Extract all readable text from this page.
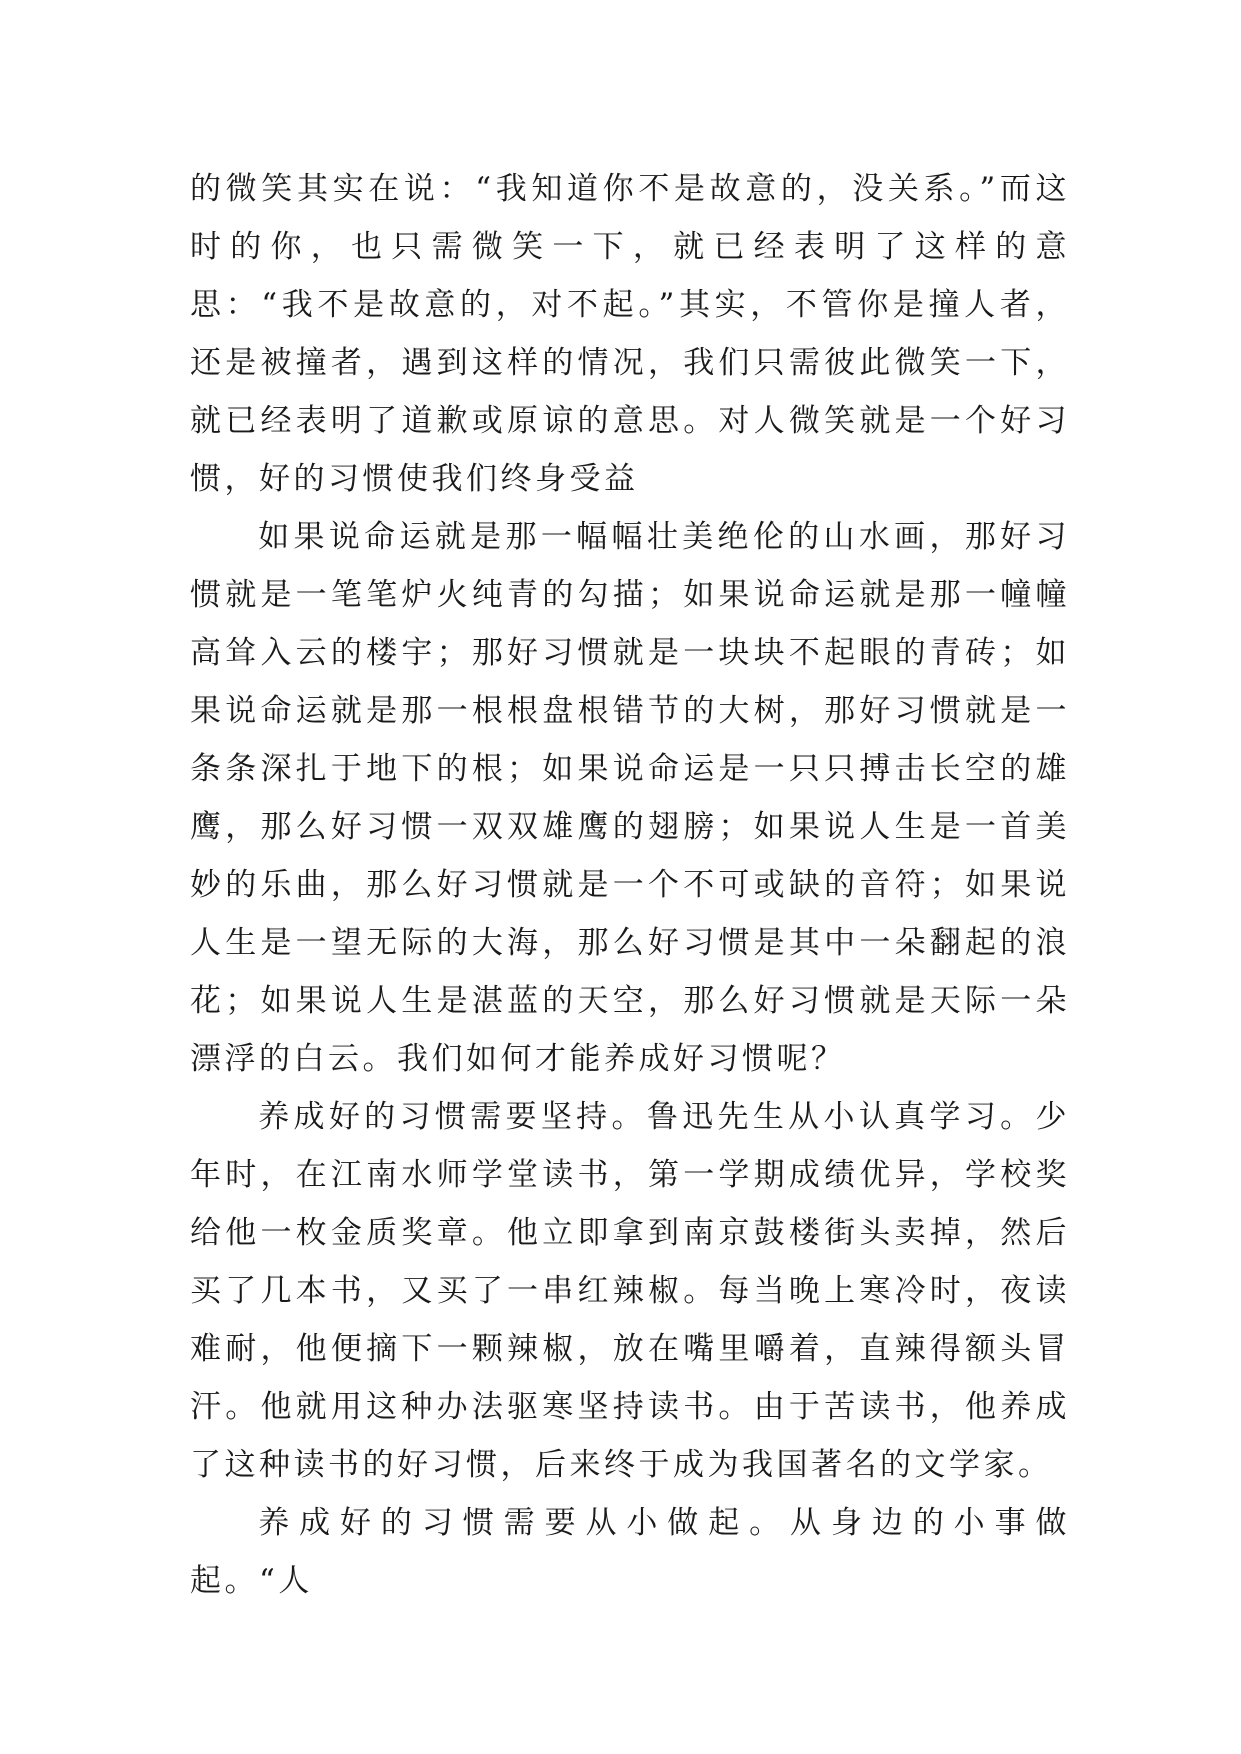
的微笑其实在说：“我知道你不是故意的，没关系。”而这时的你，也只需微笑一下，就已经表明了这样的意思：“我不是故意的，对不起。”其实，不管你是撞人者，还是被撞者，遇到这样的情况，我们只需彼此微笑一下，就已经表明了道歉或原谅的意思。对人微笑就是一个好习惯，好的习惯使我们终身受益

如果说命运就是那一幅幅壮美绝伦的山水画，那好习惯就是一笔笔炉火纯青的勾描；如果说命运就是那一幢幢高耸入云的楼宇；那好习惯就是一块块不起眼的青砖；如果说命运就是那一根根盘根错节的大树，那好习惯就是一条条深扎于地下的根；如果说命运是一只只搏击长空的雄鹰，那么好习惯一双双雄鹰的翅膀；如果说人生是一首美妙的乐曲，那么好习惯就是一个不可或缺的音符；如果说人生是一望无际的大海，那么好习惯是其中一朵翻起的浪花；如果说人生是湛蓝的天空，那么好习惯就是天际一朵漂浮的白云。我们如何才能养成好习惯呢？

养成好的习惯需要坚持。鲁迅先生从小认真学习。少年时，在江南水师学堂读书，第一学期成绩优异，学校奖给他一枚金质奖章。他立即拿到南京鼓楼街头卖掉，然后买了几本书，又买了一串红辣椒。每当晚上寒冷时，夜读难耐，他便摘下一颗辣椒，放在嘴里嚼着，直辣得额头冒汗。他就用这种办法驱寒坚持读书。由于苦读书，他养成了这种读书的好习惯，后来终于成为我国著名的文学家。

养成好的习惯需要从小做起。从身边的小事做起。“人
